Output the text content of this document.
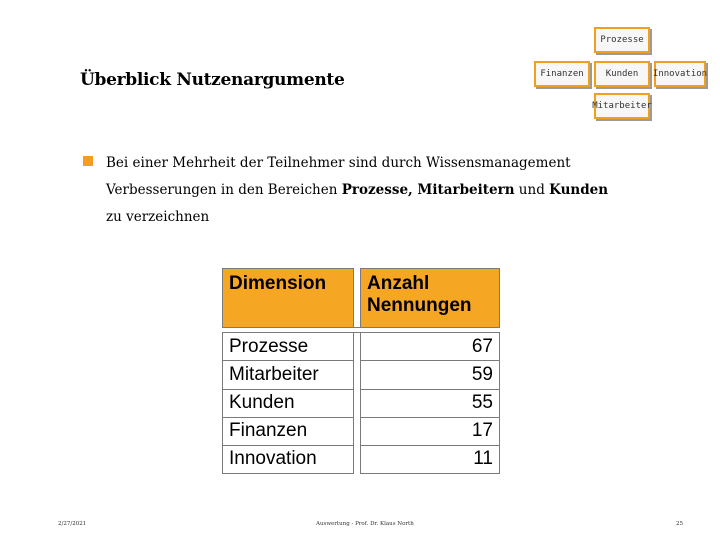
Überblick Nutzenargumente
Prozesse
Finanzen	Kunden	Innovation
Mitarbeiter
Bei einer Mehrheit der Teilnehmer sind durch Wissensmanagement Verbesserungen in den Bereichen Prozesse, Mitarbeitern und Kunden zu verzeichnen
Dimension		Anzahl Nennungen

Prozesse		67
Mitarbeiter		59
Kunden		55
Finanzen		17
Innovation		11
2/27/2021	Auswertung - Prof. Dr. Klaus North	25
